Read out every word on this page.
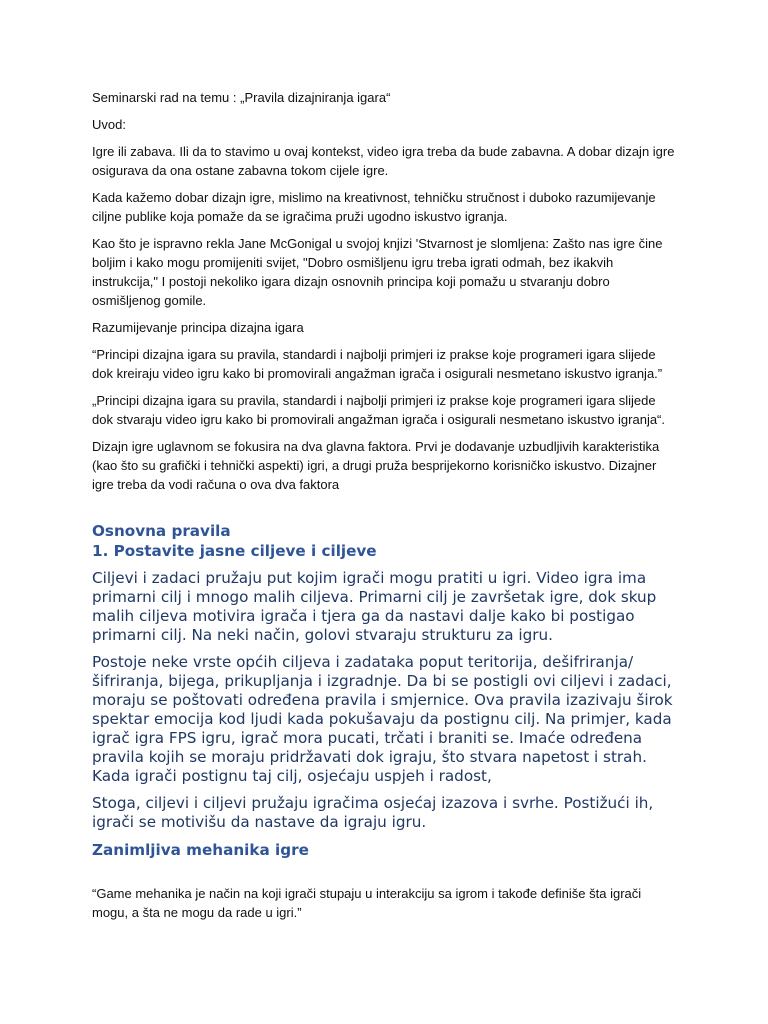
Seminarski rad na temu : „Pravila dizajniranja igara“

Uvod:

Igre ili zabava. Ili da to stavimo u ovaj kontekst, video igra treba da bude zabavna. A dobar dizajn igre osigurava da ona ostane zabavna tokom cijele igre.

Kada kažemo dobar dizajn igre, mislimo na kreativnost, tehničku stručnost i duboko razumijevanje ciljne publike koja pomaže da se igračima pruži ugodno iskustvo igranja.

Kao što je ispravno rekla Jane McGonigal u svojoj knjizi 'Stvarnost je slomljena: Zašto nas igre čine boljim i kako mogu promijeniti svijet, "Dobro osmišljenu igru treba igrati odmah, bez ikakvih instrukcija," I postoji nekoliko igara dizajn osnovnih principa koji pomažu u stvaranju dobro osmišljenog gomile.

Razumijevanje principa dizajna igara

“Principi dizajna igara su pravila, standardi i najbolji primjeri iz prakse koje programeri igara slijede dok kreiraju video igru kako bi promovirali angažman igrača i osigurali nesmetano iskustvo igranja.”

„Principi dizajna igara su pravila, standardi i najbolji primjeri iz prakse koje programeri igara slijede dok stvaraju video igru kako bi promovirali angažman igrača i osigurali nesmetano iskustvo igranja“.

Dizajn igre uglavnom se fokusira na dva glavna faktora. Prvi je dodavanje uzbudljivih karakteristika (kao što su grafički i tehnički aspekti) igri, a drugi pruža besprijekorno korisničko iskustvo. Dizajner igre treba da vodi računa o ova dva faktora

Osnovna pravila
1. Postavite jasne ciljeve i ciljeve

Ciljevi i zadaci pružaju put kojim igrači mogu pratiti u igri. Video igra ima primarni cilj i mnogo malih ciljeva. Primarni cilj je završetak igre, dok skup malih ciljeva motivira igrača i tjera ga da nastavi dalje kako bi postigao primarni cilj. Na neki način, golovi stvaraju strukturu za igru.

Postoje neke vrste općih ciljeva i zadataka poput teritorija, dešifriranja/šifriranja, bijega, prikupljanja i izgradnje. Da bi se postigli ovi ciljevi i zadaci, moraju se poštovati određena pravila i smjernice. Ova pravila izazivaju širok spektar emocija kod ljudi kada pokušavaju da postignu cilj. Na primjer, kada igrač igra FPS igru, igrač mora pucati, trčati i braniti se. Imaće određena pravila kojih se moraju pridržavati dok igraju, što stvara napetost i strah. Kada igrači postignu taj cilj, osjećaju uspjeh i radost,

Stoga, ciljevi i ciljevi pružaju igračima osjećaj izazova i svrhe. Postižući ih, igrači se motivišu da nastave da igraju igru.

Zanimljiva mehanika igre

“Game mehanika je način na koji igrači stupaju u interakciju sa igrom i takođe definiše šta igrači mogu, a šta ne mogu da rade u igri.”
